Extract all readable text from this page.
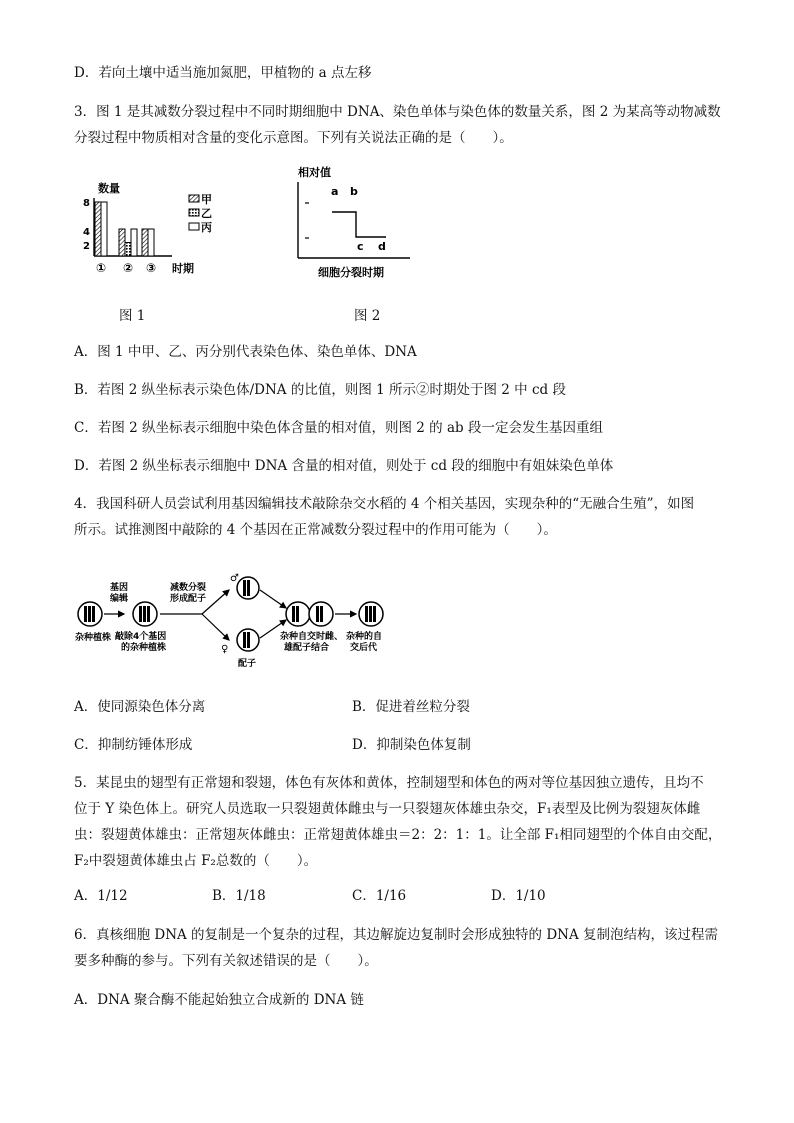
D．若向土壤中适当施加氮肥，甲植物的 a 点左移
3．图 1 是其减数分裂过程中不同时期细胞中 DNA、染色单体与染色体的数量关系，图 2 为某高等动物减数
分裂过程中物质相对含量的变化示意图。下列有关说法正确的是（　　）。
数量
8
4
2
① ② ③ 时期
甲
乙
丙
相对值
a b
c d
细胞分裂时期
图 1	图 2
A．图 1 中甲、乙、丙分别代表染色体、染色单体、DNA
B．若图 2 纵坐标表示染色体/DNA 的比值，则图 1 所示②时期处于图 2 中 cd 段
C．若图 2 纵坐标表示细胞中染色体含量的相对值，则图 2 的 ab 段一定会发生基因重组
D．若图 2 纵坐标表示细胞中 DNA 含量的相对值，则处于 cd 段的细胞中有姐妹染色单体
4．我国科研人员尝试利用基因编辑技术敲除杂交水稻的 4 个相关基因，实现杂种的“无融合生殖”，如图
所示。试推测图中敲除的 4 个基因在正常减数分裂过程中的作用可能为（　　）。
杂种植株
基因
编辑
敲除4个基因
的杂种植株
减数分裂
形成配子
♂
♀
配子
杂种自交时雌、
雄配子结合
杂种的自
交后代
A．使同源染色体分离	B．促进着丝粒分裂
C．抑制纺锤体形成	D．抑制染色体复制
5．某昆虫的翅型有正常翅和裂翅，体色有灰体和黄体，控制翅型和体色的两对等位基因独立遗传，且均不
位于 Y 染色体上。研究人员选取一只裂翅黄体雌虫与一只裂翅灰体雄虫杂交，F₁表型及比例为裂翅灰体雌
虫：裂翅黄体雄虫：正常翅灰体雌虫：正常翅黄体雄虫＝2：2：1：1。让全部 F₁相同翅型的个体自由交配，
F₂中裂翅黄体雄虫占 F₂总数的（　　）。
A．1/12	B．1/18	C．1/16	D．1/10
6．真核细胞 DNA 的复制是一个复杂的过程，其边解旋边复制时会形成独特的 DNA 复制泡结构，该过程需
要多种酶的参与。下列有关叙述错误的是（　　）。
A．DNA 聚合酶不能起始独立合成新的 DNA 链
